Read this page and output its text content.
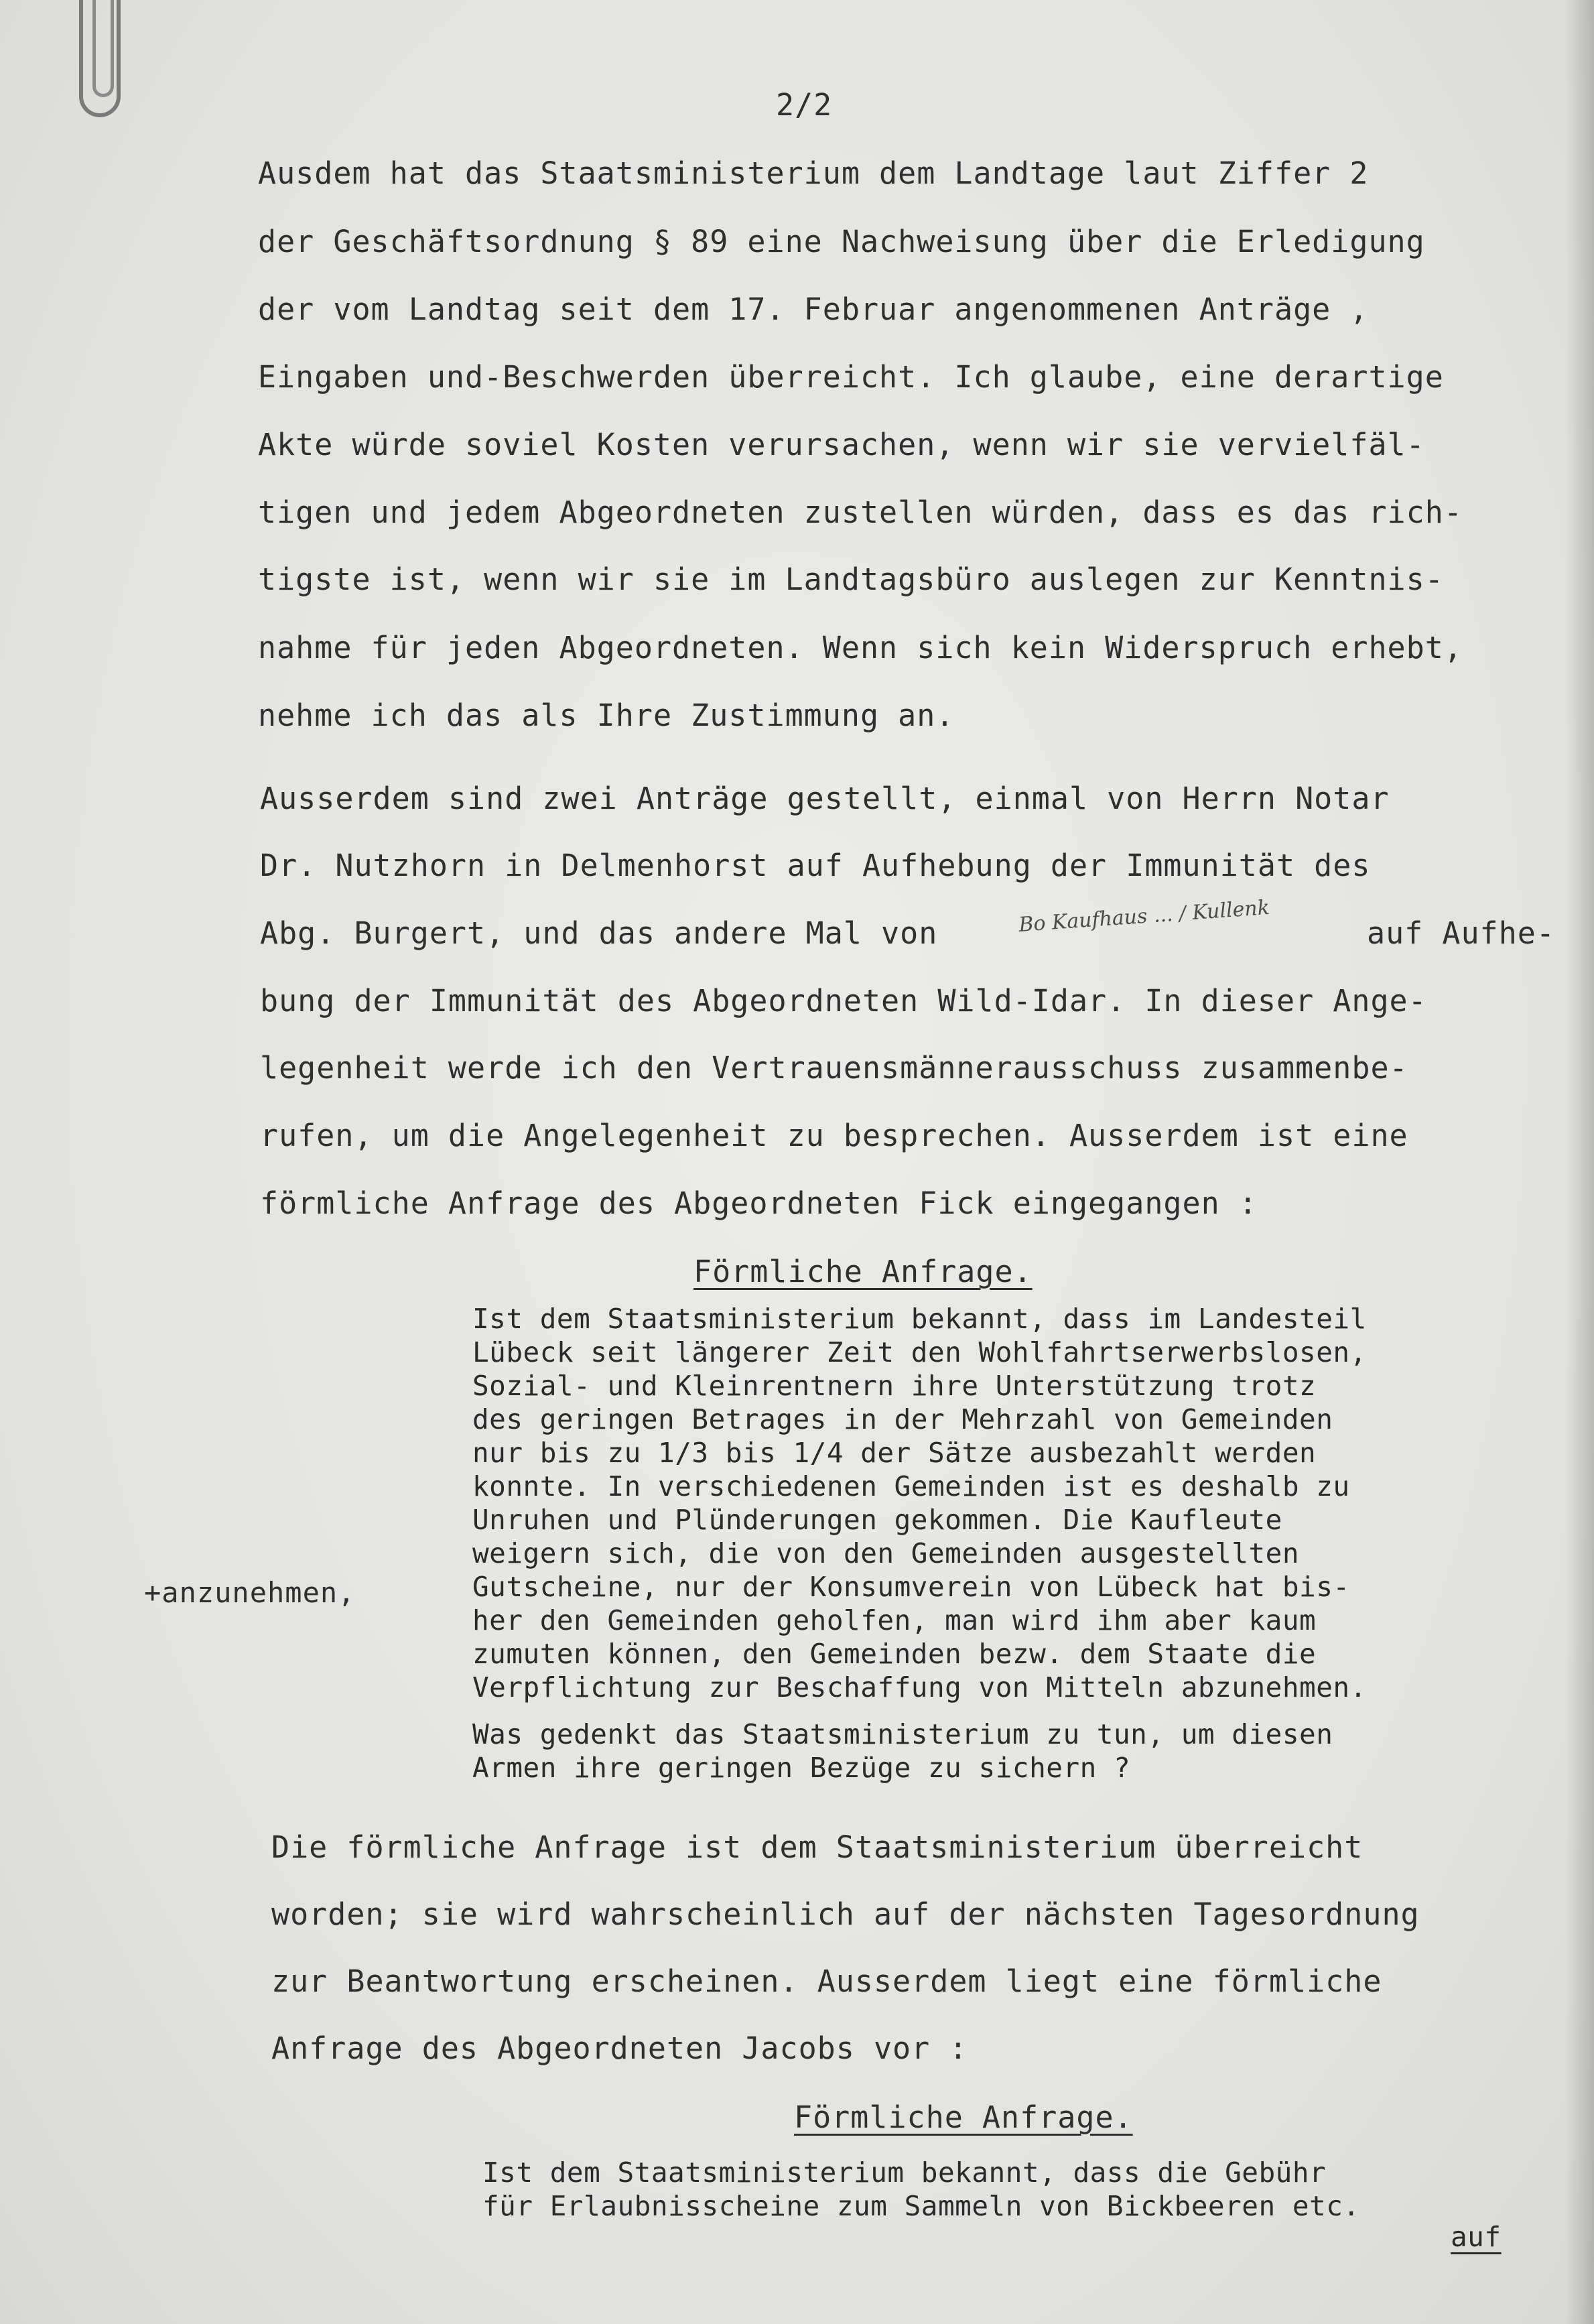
2/2
Ausdem hat das Staatsministerium dem Landtage laut Ziffer 2
der Geschäftsordnung § 89 eine Nachweisung über die Erledigung
der vom Landtag seit dem 17. Februar angenommenen Anträge ,
Eingaben und-Beschwerden überreicht. Ich glaube, eine derartige
Akte würde soviel Kosten verursachen, wenn wir sie vervielfäl-
tigen und jedem Abgeordneten zustellen würden, dass es das rich-
tigste ist, wenn wir sie im Landtagsbüro auslegen zur Kenntnis-
nahme für jeden Abgeordneten. Wenn sich kein Widerspruch erhebt,
nehme ich das als Ihre Zustimmung an.
Ausserdem sind zwei Anträge gestellt, einmal von Herrn Notar
Dr. Nutzhorn in Delmenhorst auf Aufhebung der Immunität des
Abg. Burgert, und das andere Mal von	Bo Kaufhaus ... / Kullenk	auf Aufhe-
bung der Immunität des Abgeordneten Wild-Idar. In dieser Ange-
legenheit werde ich den Vertrauensmännerausschuss zusammenbe-
rufen, um die Angelegenheit zu besprechen. Ausserdem ist eine
förmliche Anfrage des Abgeordneten Fick eingegangen :
Förmliche Anfrage.
Ist dem Staatsministerium bekannt, dass im Landesteil
Lübeck seit längerer Zeit den Wohlfahrtserwerbslosen,
Sozial- und Kleinrentnern ihre Unterstützung trotz
des geringen Betrages in der Mehrzahl von Gemeinden
nur bis zu 1/3 bis 1/4 der Sätze ausbezahlt werden
konnte. In verschiedenen Gemeinden ist es deshalb zu
Unruhen und Plünderungen gekommen. Die Kaufleute
weigern sich, die von den Gemeinden ausgestellten
Gutscheine, nur der Konsumverein von Lübeck hat bis-
her den Gemeinden geholfen, man wird ihm aber kaum
zumuten können, den Gemeinden bezw. dem Staate die
Verpflichtung zur Beschaffung von Mitteln abzunehmen.
Was gedenkt das Staatsministerium zu tun, um diesen
Armen ihre geringen Bezüge zu sichern ?
+anzunehmen,
Die förmliche Anfrage ist dem Staatsministerium überreicht
worden; sie wird wahrscheinlich auf der nächsten Tagesordnung
zur Beantwortung erscheinen. Ausserdem liegt eine förmliche
Anfrage des Abgeordneten Jacobs vor :
Förmliche Anfrage.
Ist dem Staatsministerium bekannt, dass die Gebühr
für Erlaubnisscheine zum Sammeln von Bickbeeren etc.
auf
